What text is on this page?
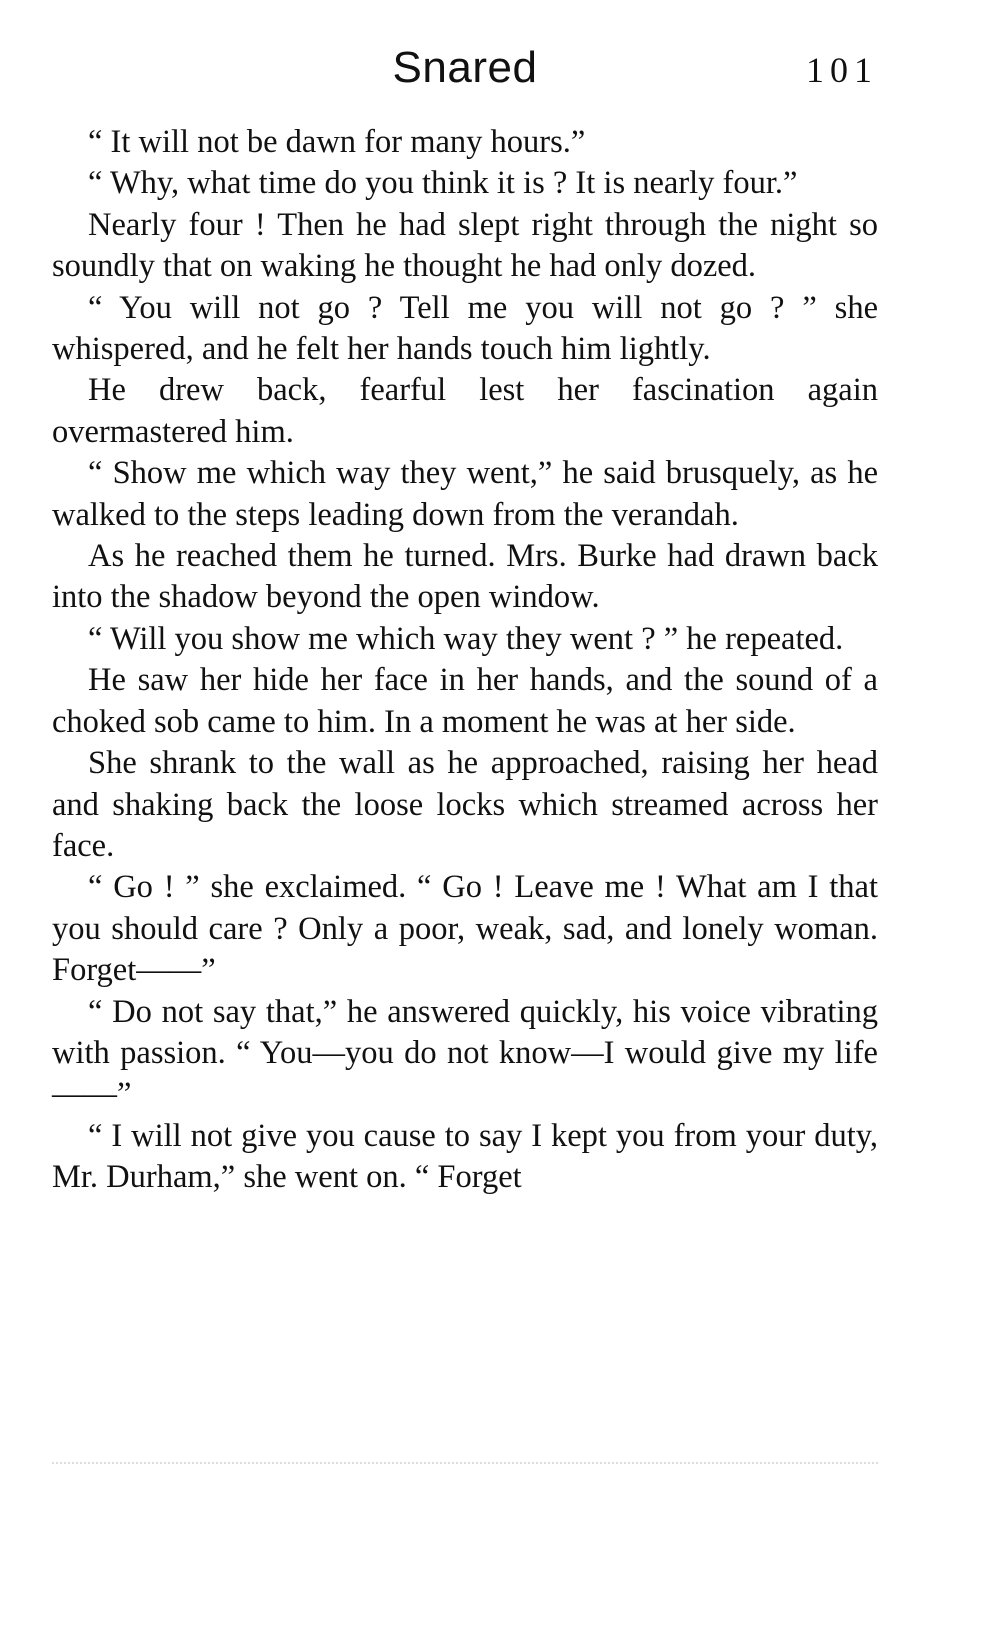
Snared	101

“ It will not be dawn for many hours.”

“ Why, what time do you think it is ? It is nearly four.”

Nearly four ! Then he had slept right through the night so soundly that on waking he thought he had only dozed.

“ You will not go ? Tell me you will not go ? ” she whispered, and he felt her hands touch him lightly.

He drew back, fearful lest her fascination again overmastered him.

“ Show me which way they went,” he said brusquely, as he walked to the steps leading down from the verandah.

As he reached them he turned. Mrs. Burke had drawn back into the shadow beyond the open window.

“ Will you show me which way they went ? ” he repeated.

He saw her hide her face in her hands, and the sound of a choked sob came to him. In a moment he was at her side.

She shrank to the wall as he approached, raising her head and shaking back the loose locks which streamed across her face.

“ Go ! ” she exclaimed. “ Go ! Leave me ! What am I that you should care ? Only a poor, weak, sad, and lonely woman. Forget——”

“ Do not say that,” he answered quickly, his voice vibrating with passion. “ You—you do not know—I would give my life——”

“ I will not give you cause to say I kept you from your duty, Mr. Durham,” she went on. “ Forget
